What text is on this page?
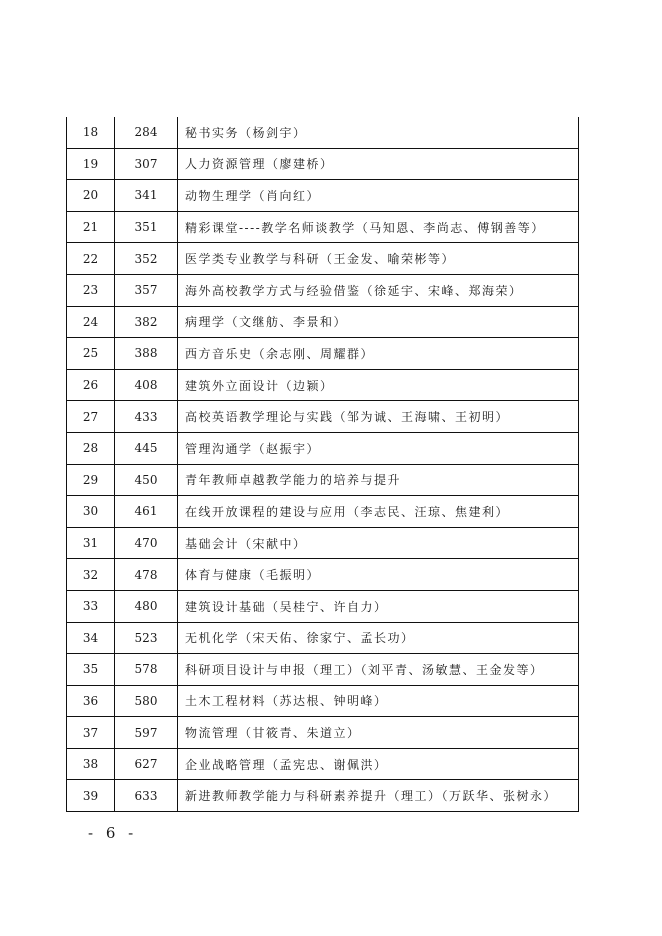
18	284	秘书实务（杨剑宇）
19	307	人力资源管理（廖建桥）
20	341	动物生理学（肖向红）
21	351	精彩课堂----教学名师谈教学（马知恩、李尚志、傅钢善等）
22	352	医学类专业教学与科研（王金发、喻荣彬等）
23	357	海外高校教学方式与经验借鉴（徐延宇、宋峰、郑海荣）
24	382	病理学（文继舫、李景和）
25	388	西方音乐史（余志刚、周耀群）
26	408	建筑外立面设计（边颖）
27	433	高校英语教学理论与实践（邹为诚、王海啸、王初明）
28	445	管理沟通学（赵振宇）
29	450	青年教师卓越教学能力的培养与提升
30	461	在线开放课程的建设与应用（李志民、汪琼、焦建利）
31	470	基础会计（宋献中）
32	478	体育与健康（毛振明）
33	480	建筑设计基础（吴桂宁、许自力）
34	523	无机化学（宋天佑、徐家宁、孟长功）
35	578	科研项目设计与申报（理工）（刘平青、汤敏慧、王金发等）
36	580	土木工程材料（苏达根、钟明峰）
37	597	物流管理（甘筱青、朱道立）
38	627	企业战略管理（孟宪忠、谢佩洪）
39	633	新进教师教学能力与科研素养提升（理工）（万跃华、张树永）
- 6 -
